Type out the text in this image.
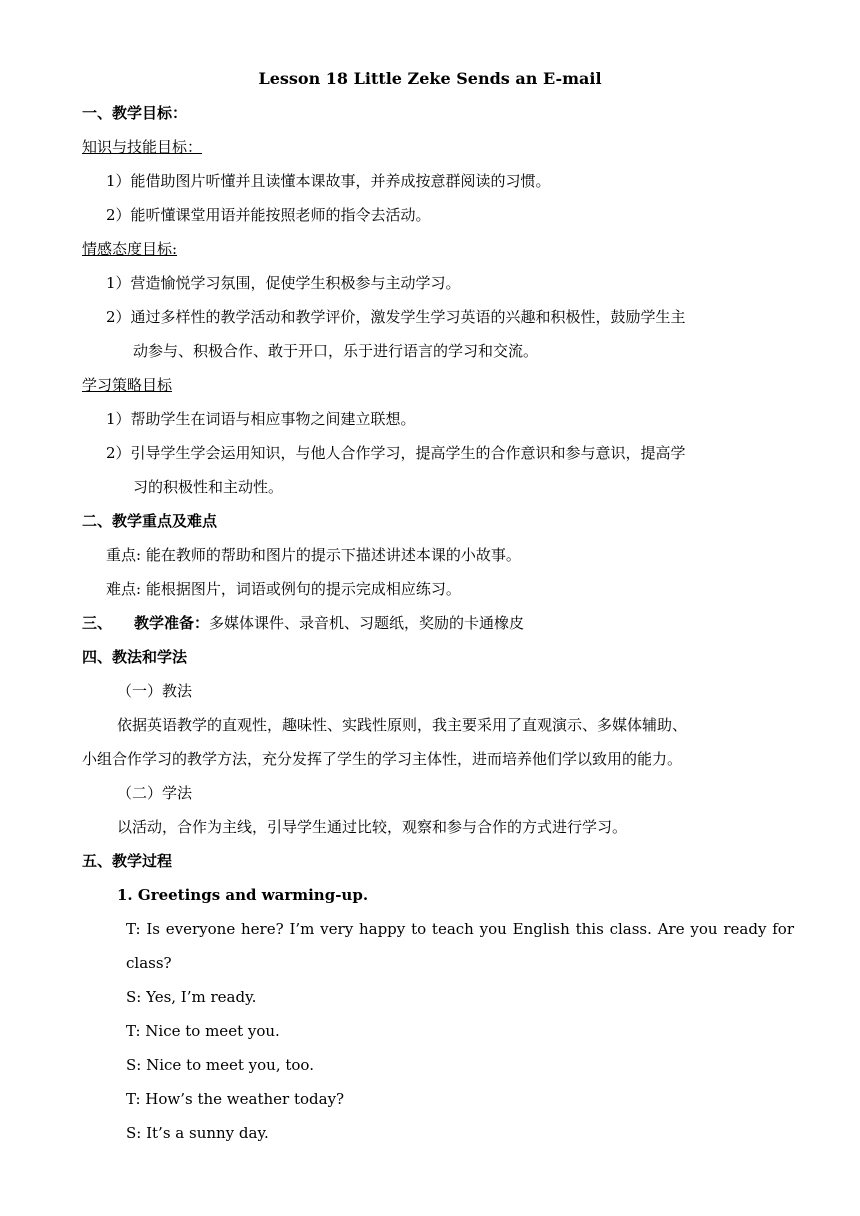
Lesson 18 Little Zeke Sends an E-mail
一、教学目标：
知识与技能目标：
1）能借助图片听懂并且读懂本课故事，并养成按意群阅读的习惯。
2）能听懂课堂用语并能按照老师的指令去活动。
情感态度目标:
1）营造愉悦学习氛围，促使学生积极参与主动学习。
2）通过多样性的教学活动和教学评价，激发学生学习英语的兴趣和积极性，鼓励学生主
动参与、积极合作、敢于开口，乐于进行语言的学习和交流。
学习策略目标
1）帮助学生在词语与相应事物之间建立联想。
2）引导学生学会运用知识，与他人合作学习，提高学生的合作意识和参与意识，提高学
习的积极性和主动性。
二、教学重点及难点
重点: 能在教师的帮助和图片的提示下描述讲述本课的小故事。
难点: 能根据图片，词语或例句的提示完成相应练习。
三、 教学准备：多媒体课件、录音机、习题纸，奖励的卡通橡皮
四、教法和学法
（一）教法
依据英语教学的直观性，趣味性、实践性原则，我主要采用了直观演示、多媒体辅助、
小组合作学习的教学方法，充分发挥了学生的学习主体性，进而培养他们学以致用的能力。
（二）学法
以活动，合作为主线，引导学生通过比较，观察和参与合作的方式进行学习。
五、教学过程
1. Greetings and warming-up.
T: Is everyone here? I’m very happy to teach you English this class. Are you ready for
class?
S: Yes, I’m ready.
T: Nice to meet you.
S: Nice to meet you, too.
T: How’s the weather today?
S: It’s a sunny day.
